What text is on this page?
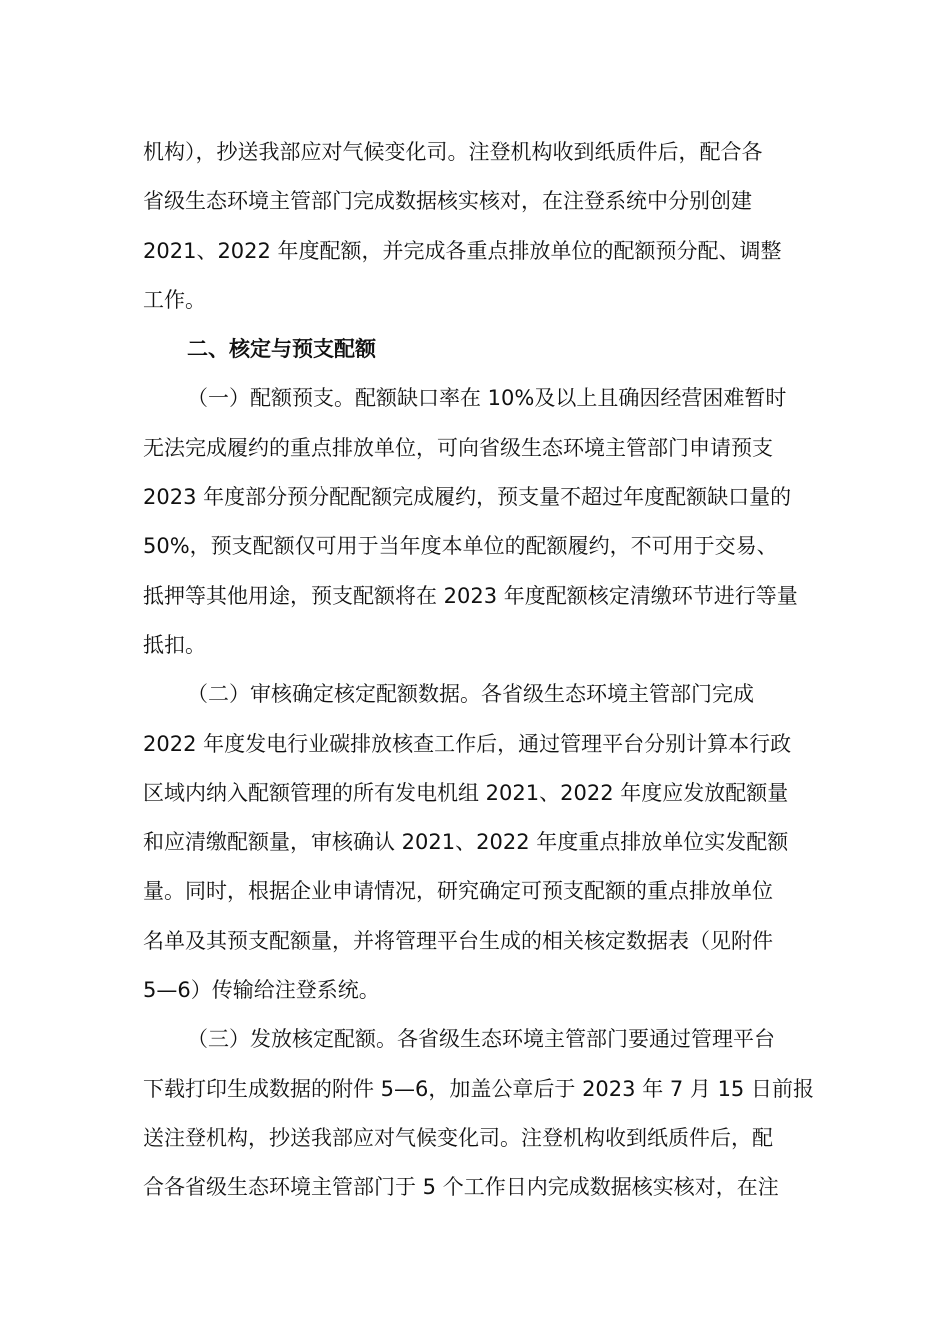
机构），抄送我部应对气候变化司。注登机构收到纸质件后，配合各
省级生态环境主管部门完成数据核实核对，在注登系统中分别创建
2021、2022 年度配额，并完成各重点排放单位的配额预分配、调整
工作。
二、核定与预支配额
（一）配额预支。配额缺口率在 10%及以上且确因经营困难暂时
无法完成履约的重点排放单位，可向省级生态环境主管部门申请预支
2023 年度部分预分配配额完成履约，预支量不超过年度配额缺口量的
50%，预支配额仅可用于当年度本单位的配额履约，不可用于交易、
抵押等其他用途，预支配额将在 2023 年度配额核定清缴环节进行等量
抵扣。
（二）审核确定核定配额数据。各省级生态环境主管部门完成
2022 年度发电行业碳排放核查工作后，通过管理平台分别计算本行政
区域内纳入配额管理的所有发电机组 2021、2022 年度应发放配额量
和应清缴配额量，审核确认 2021、2022 年度重点排放单位实发配额
量。同时，根据企业申请情况，研究确定可预支配额的重点排放单位
名单及其预支配额量，并将管理平台生成的相关核定数据表（见附件
5—6）传输给注登系统。
（三）发放核定配额。各省级生态环境主管部门要通过管理平台
下载打印生成数据的附件 5—6，加盖公章后于 2023 年 7 月 15 日前报
送注登机构，抄送我部应对气候变化司。注登机构收到纸质件后，配
合各省级生态环境主管部门于 5 个工作日内完成数据核实核对，在注
